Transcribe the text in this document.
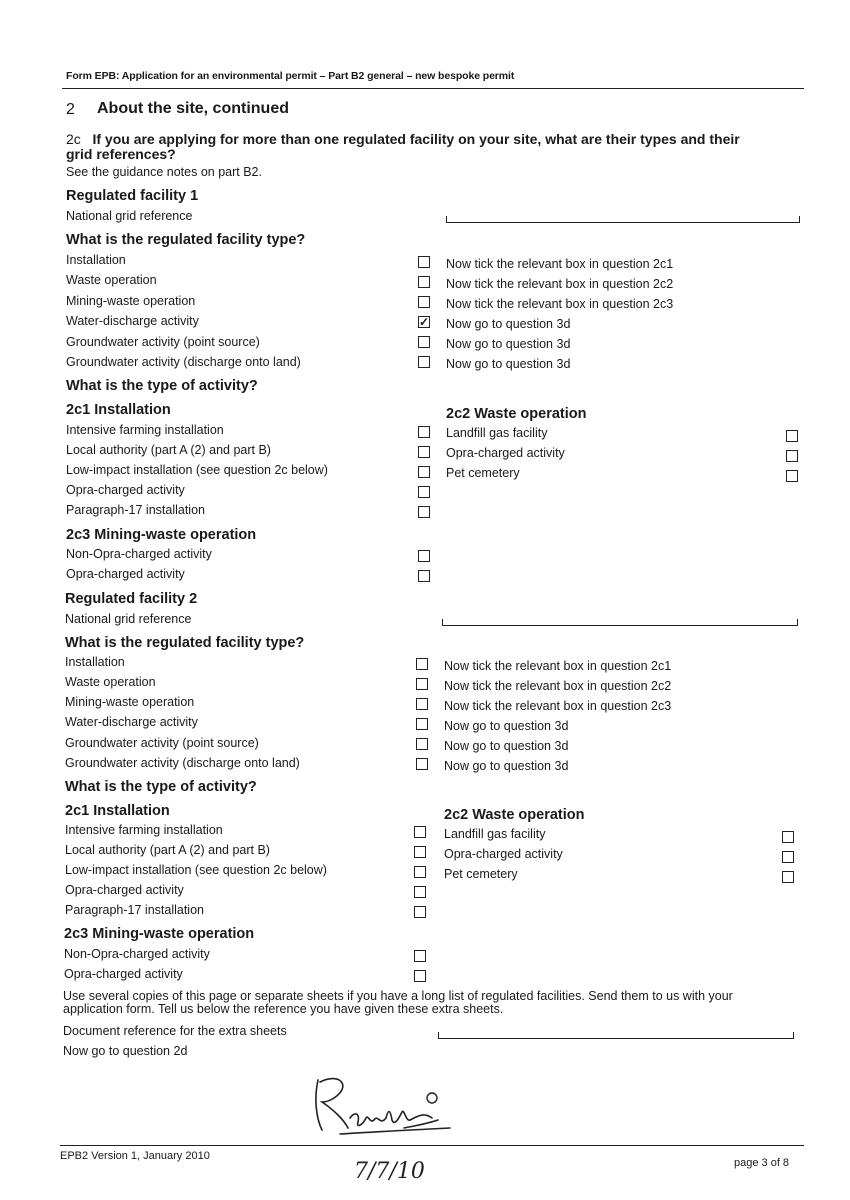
Form EPB: Application for an environmental permit – Part B2 general – new bespoke permit
2 About the site, continued
2c If you are applying for more than one regulated facility on your site, what are their types and their grid references?
See the guidance notes on part B2.
Regulated facility 1
National grid reference
What is the regulated facility type?
Installation
Waste operation
Mining-waste operation
Water-discharge activity
Groundwater activity (point source)
Groundwater activity (discharge onto land)
✓
Now tick the relevant box in question 2c1
Now tick the relevant box in question 2c2
Now tick the relevant box in question 2c3
Now go to question 3d
Now go to question 3d
Now go to question 3d
What is the type of activity?
2c1 Installation
Intensive farming installation
Local authority (part A (2) and part B)
Low-impact installation (see question 2c below)
Opra-charged activity
Paragraph-17 installation
2c2 Waste operation
Landfill gas facility
Opra-charged activity
Pet cemetery
2c3 Mining-waste operation
Non-Opra-charged activity
Opra-charged activity
Regulated facility 2
National grid reference
What is the regulated facility type?
Installation
Waste operation
Mining-waste operation
Water-discharge activity
Groundwater activity (point source)
Groundwater activity (discharge onto land)
Now tick the relevant box in question 2c1
Now tick the relevant box in question 2c2
Now tick the relevant box in question 2c3
Now go to question 3d
Now go to question 3d
Now go to question 3d
What is the type of activity?
2c1 Installation
Intensive farming installation
Local authority (part A (2) and part B)
Low-impact installation (see question 2c below)
Opra-charged activity
Paragraph-17 installation
2c2 Waste operation
Landfill gas facility
Opra-charged activity
Pet cemetery
2c3 Mining-waste operation
Non-Opra-charged activity
Opra-charged activity
Use several copies of this page or separate sheets if you have a long list of regulated facilities. Send them to us with your application form. Tell us below the reference you have given these extra sheets.
Document reference for the extra sheets
Now go to question 2d
7/7/10
EPB2 Version 1, January 2010
page 3 of 8
